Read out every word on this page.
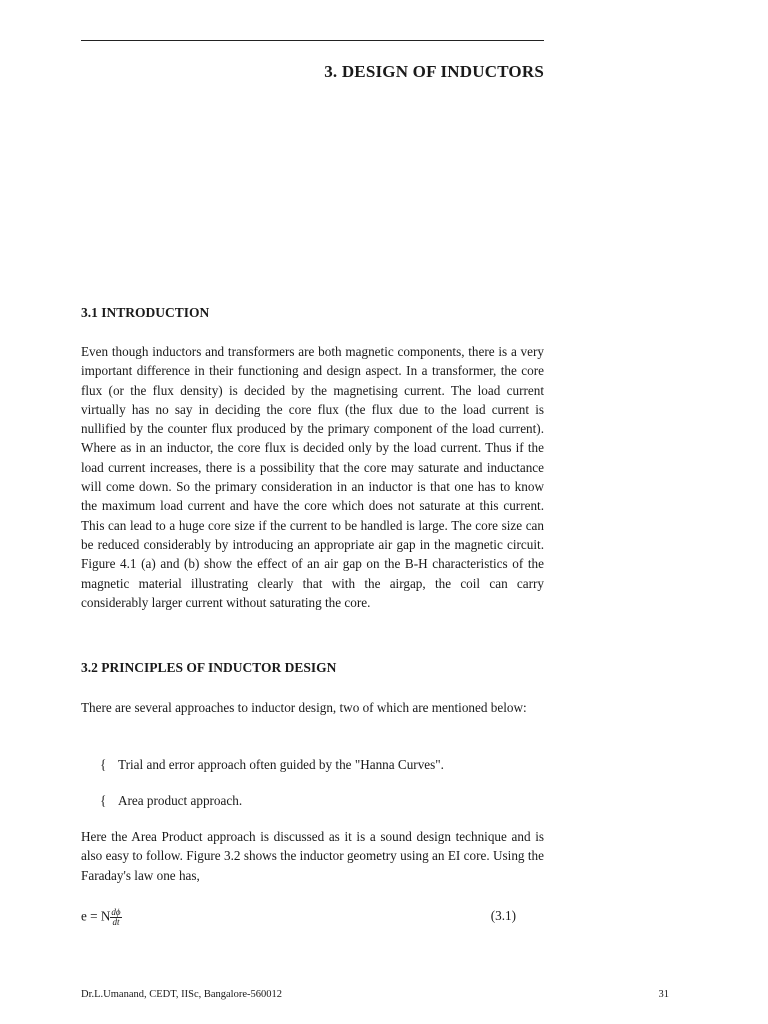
3. DESIGN OF INDUCTORS
3.1 INTRODUCTION
Even though inductors and transformers are both magnetic components, there is a very important difference in their functioning and design aspect. In a transformer, the core flux (or the flux density) is decided by the magnetising current. The load current virtually has no say in deciding the core flux (the flux due to the load current is nullified by the counter flux produced by the primary component of the load current). Where as in an inductor, the core flux is decided only by the load current. Thus if the load current increases, there is a possibility that the core may saturate and inductance will come down. So the primary consideration in an inductor is that one has to know the maximum load current and have the core which does not saturate at this current. This can lead to a huge core size if the current to be handled is large. The core size can be reduced considerably by introducing an appropriate air gap in the magnetic circuit. Figure 4.1 (a) and (b) show the effect of an air gap on the B-H characteristics of the magnetic material illustrating clearly that with the airgap, the coil can carry considerably larger current without saturating the core.
3.2 PRINCIPLES OF INDUCTOR DESIGN
There are several approaches to inductor design, two of which are mentioned below:
{ Trial and error approach often guided by the "Hanna Curves".
{ Area product approach.
Here the Area Product approach is discussed as it is a sound design technique and is also easy to follow. Figure 3.2 shows the inductor geometry using an EI core. Using the Faraday's law one has,
e = N $\frac{d\phi}{dt}$	(3.1)
Dr.L.Umanand, CEDT, IISc, Bangalore-560012	31
